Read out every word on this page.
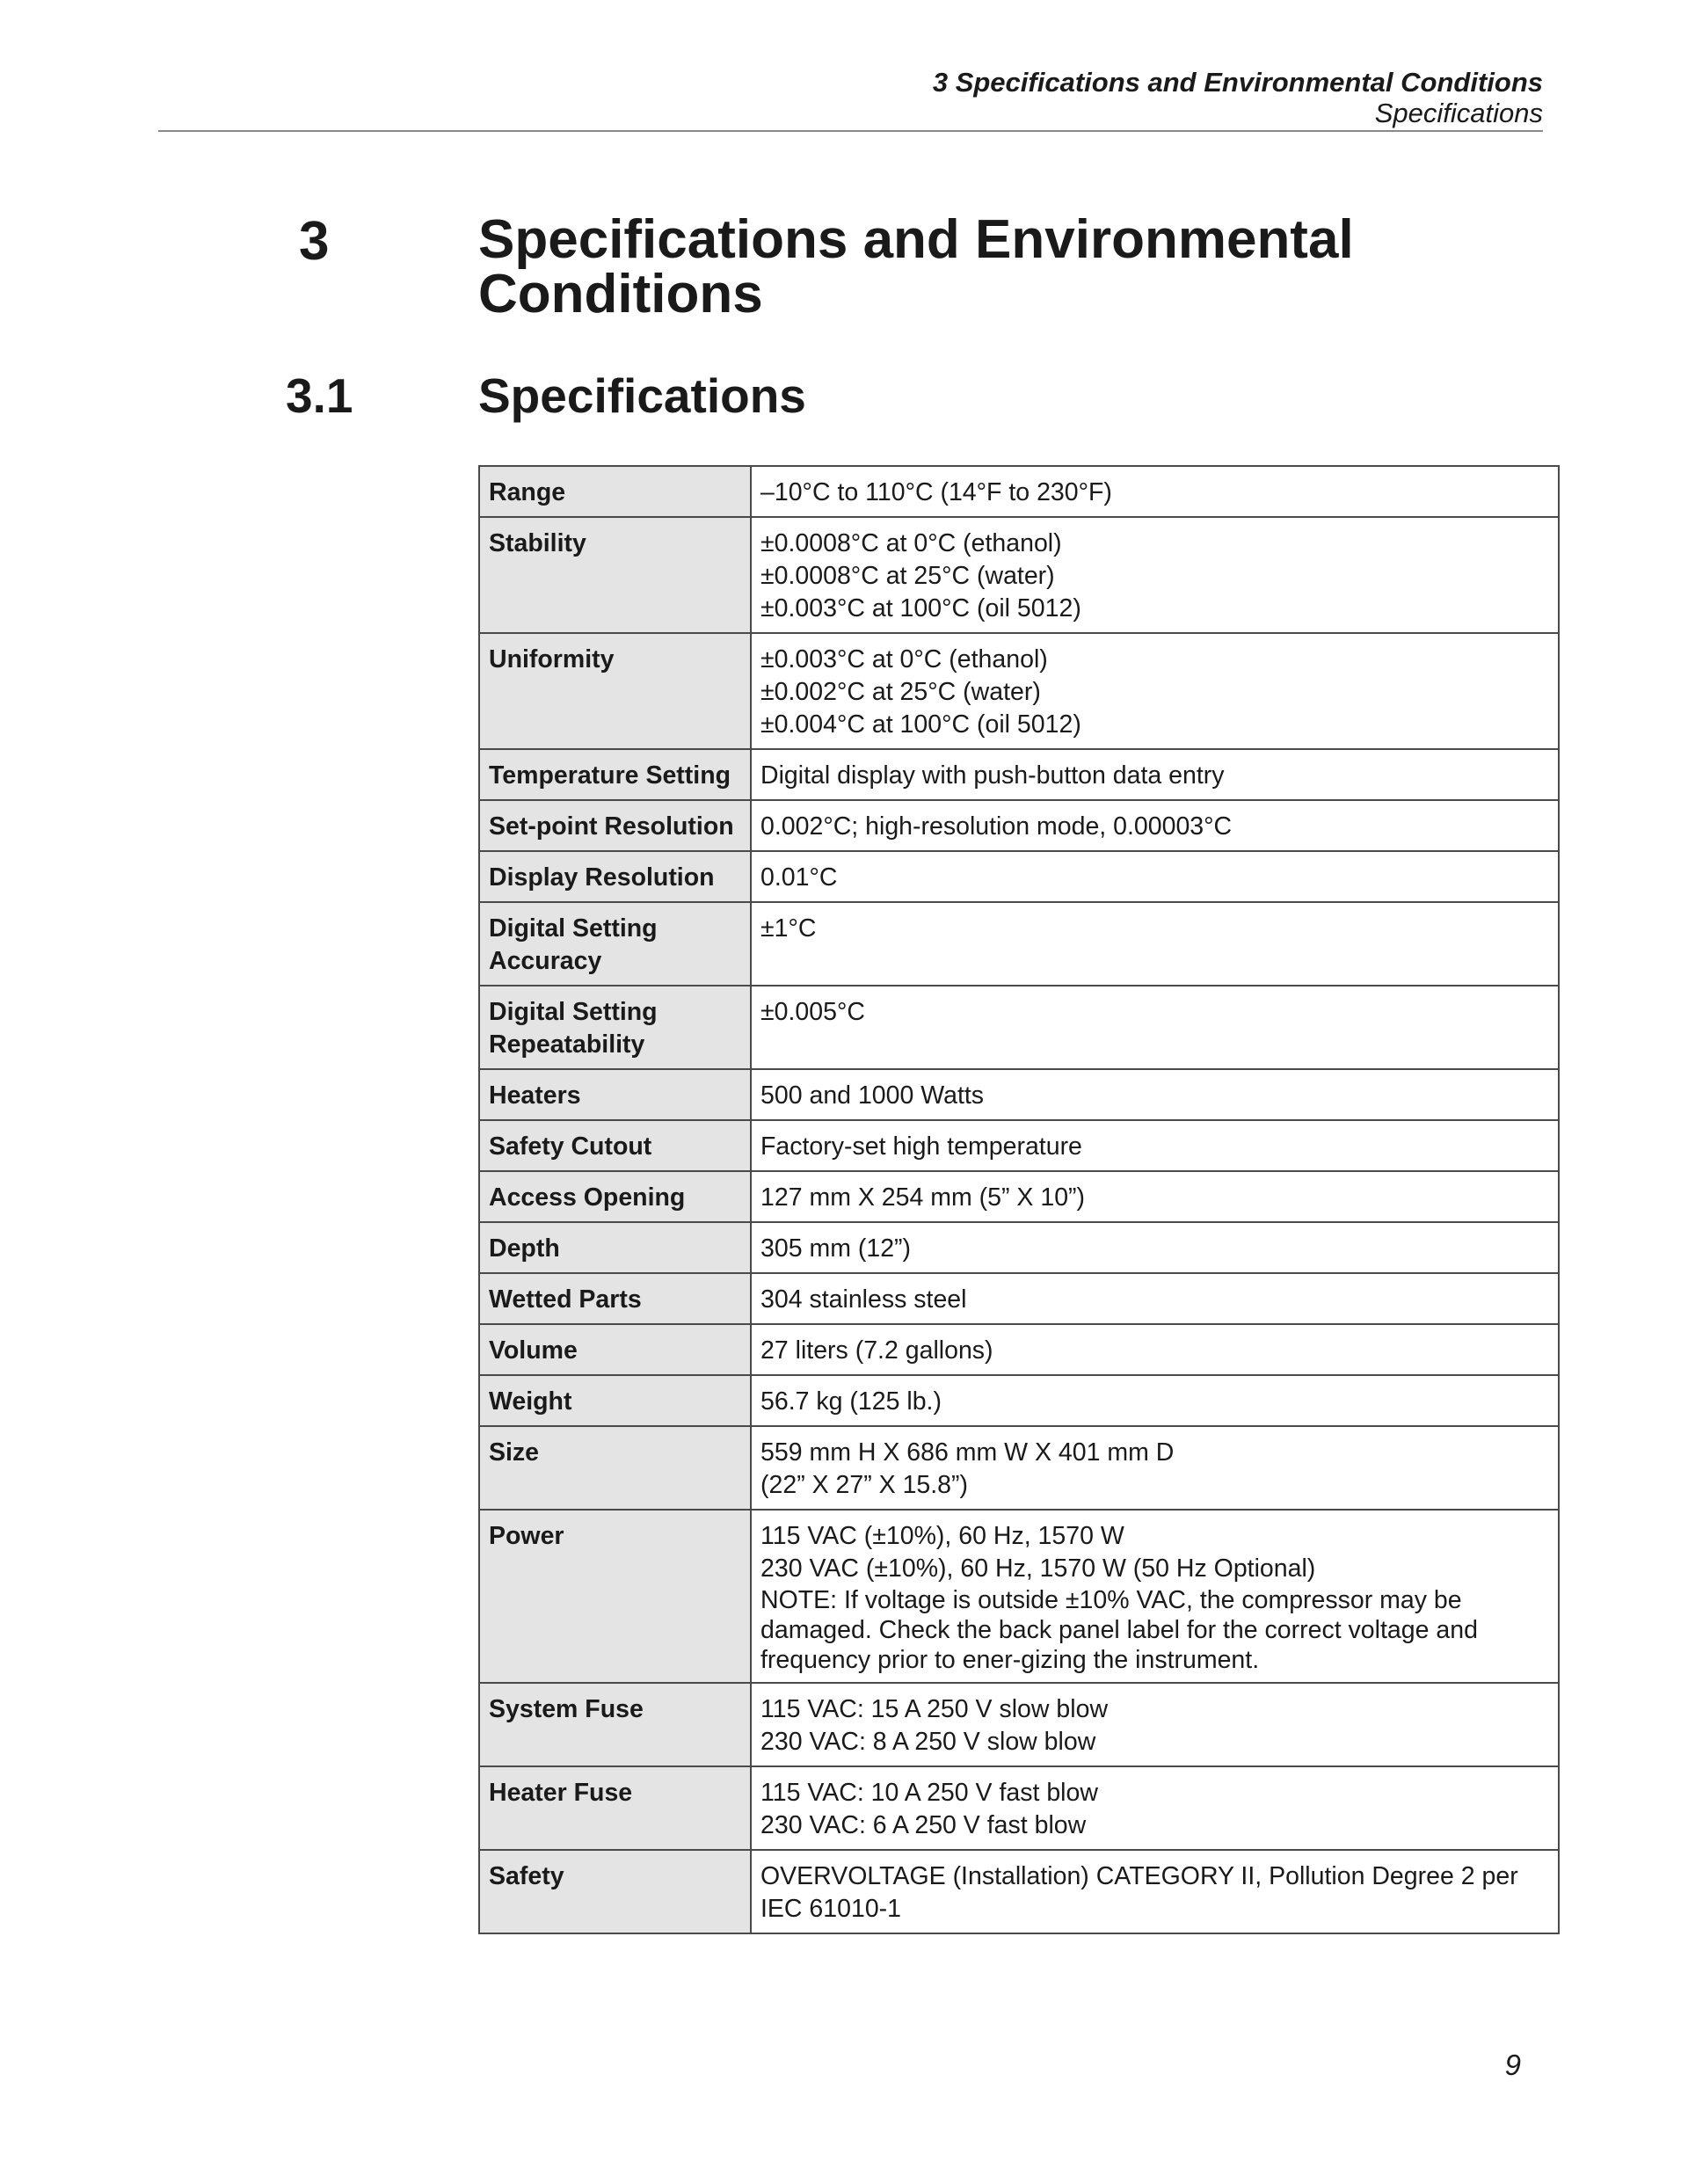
3 Specifications and Environmental Conditions
Specifications
3	Specifications and Environmental Conditions
3.1	Specifications
Range	–10°C to 110°C (14°F to 230°F)

Stability	±0.0008°C at 0°C (ethanol)
±0.0008°C at 25°C (water)
±0.003°C at 100°C (oil 5012)

Uniformity	±0.003°C at 0°C (ethanol)
±0.002°C at 25°C (water)
±0.004°C at 100°C (oil 5012)

Temperature Setting	Digital display with push-button data entry

Set-point Resolution	0.002°C; high-resolution mode, 0.00003°C

Display Resolution	0.01°C

Digital Setting Accuracy	±1°C

Digital Setting Repeatability	±0.005°C

Heaters	500 and 1000 Watts

Safety Cutout	Factory-set high temperature

Access Opening	127 mm X 254 mm (5” X 10”)

Depth	305 mm (12”)

Wetted Parts	304 stainless steel

Volume	27 liters (7.2 gallons)

Weight	56.7 kg (125 lb.)

Size	559 mm H X 686 mm W X 401 mm D
(22” X 27” X 15.8”)

Power	115 VAC (±10%), 60 Hz, 1570 W
230 VAC (±10%), 60 Hz, 1570 W (50 Hz Optional)
NOTE: If voltage is outside ±10% VAC, the compressor may be damaged. Check the back panel label for the correct voltage and frequency prior to ener-gizing the instrument.

System Fuse	115 VAC: 15 A 250 V slow blow
230 VAC: 8 A 250 V slow blow

Heater Fuse	115 VAC: 10 A 250 V fast blow
230 VAC: 6 A 250 V fast blow

Safety	OVERVOLTAGE (Installation) CATEGORY II, Pollution Degree 2 per IEC 61010-1
9
